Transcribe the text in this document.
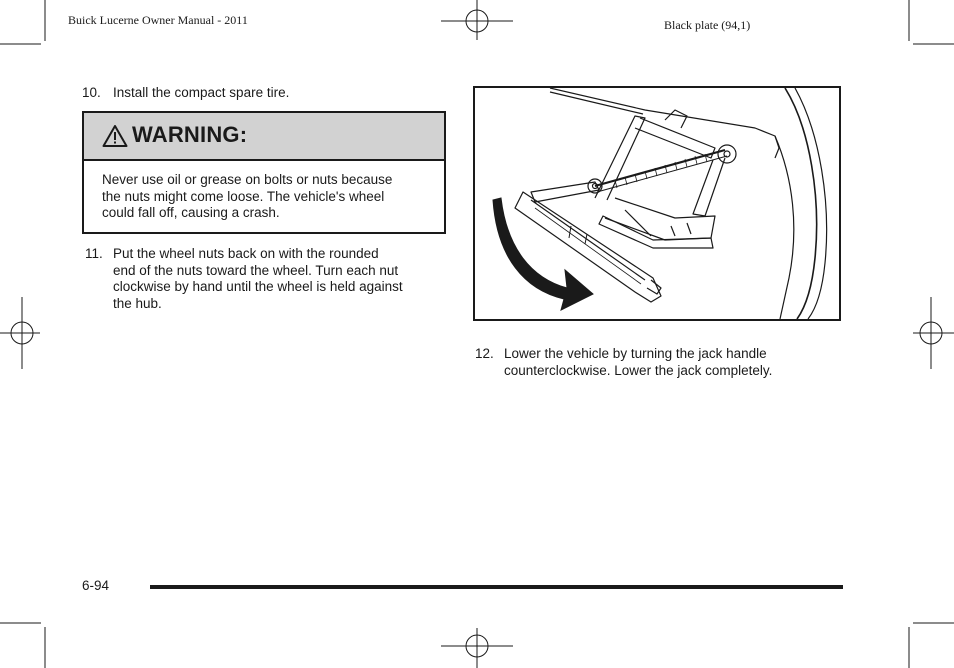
Buick Lucerne Owner Manual - 2011	Black plate (94,1)
10. Install the compact spare tire.
WARNING:
Never use oil or grease on bolts or nuts because
the nuts might come loose. The vehicle's wheel
could fall off, causing a crash.
11. Put the wheel nuts back on with the rounded
end of the nuts toward the wheel. Turn each nut
clockwise by hand until the wheel is held against
the hub.
12. Lower the vehicle by turning the jack handle
counterclockwise. Lower the jack completely.
6-94
